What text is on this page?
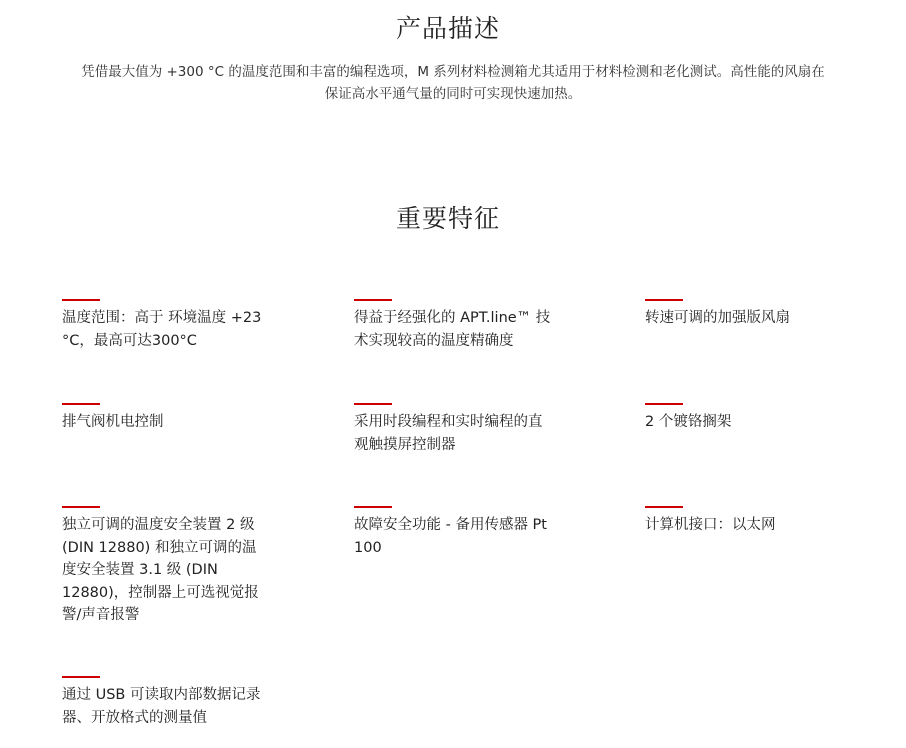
产品描述

凭借最大值为 +300 °C 的温度范围和丰富的编程选项，M 系列材料检测箱尤其适用于材料检测和老化测试。高性能的风扇在保证高水平通气量的同时可实现快速加热。

重要特征
温度范围：高于 环境温度 +23 °C，最高可达300°C
得益于经强化的 APT.line™ 技术实现较高的温度精确度
转速可调的加强版风扇
排气阀机电控制	采用时段编程和实时编程的直观触摸屏控制器
2 个镀铬搁架
独立可调的温度安全装置 2 级 (DIN 12880) 和独立可调的温度安全装置 3.1 级 (DIN 12880)，控制器上可选视觉报警/声音报警
故障安全功能 - 备用传感器 Pt 100
计算机接口：以太网
通过 USB 可读取内部数据记录器、开放格式的测量值
